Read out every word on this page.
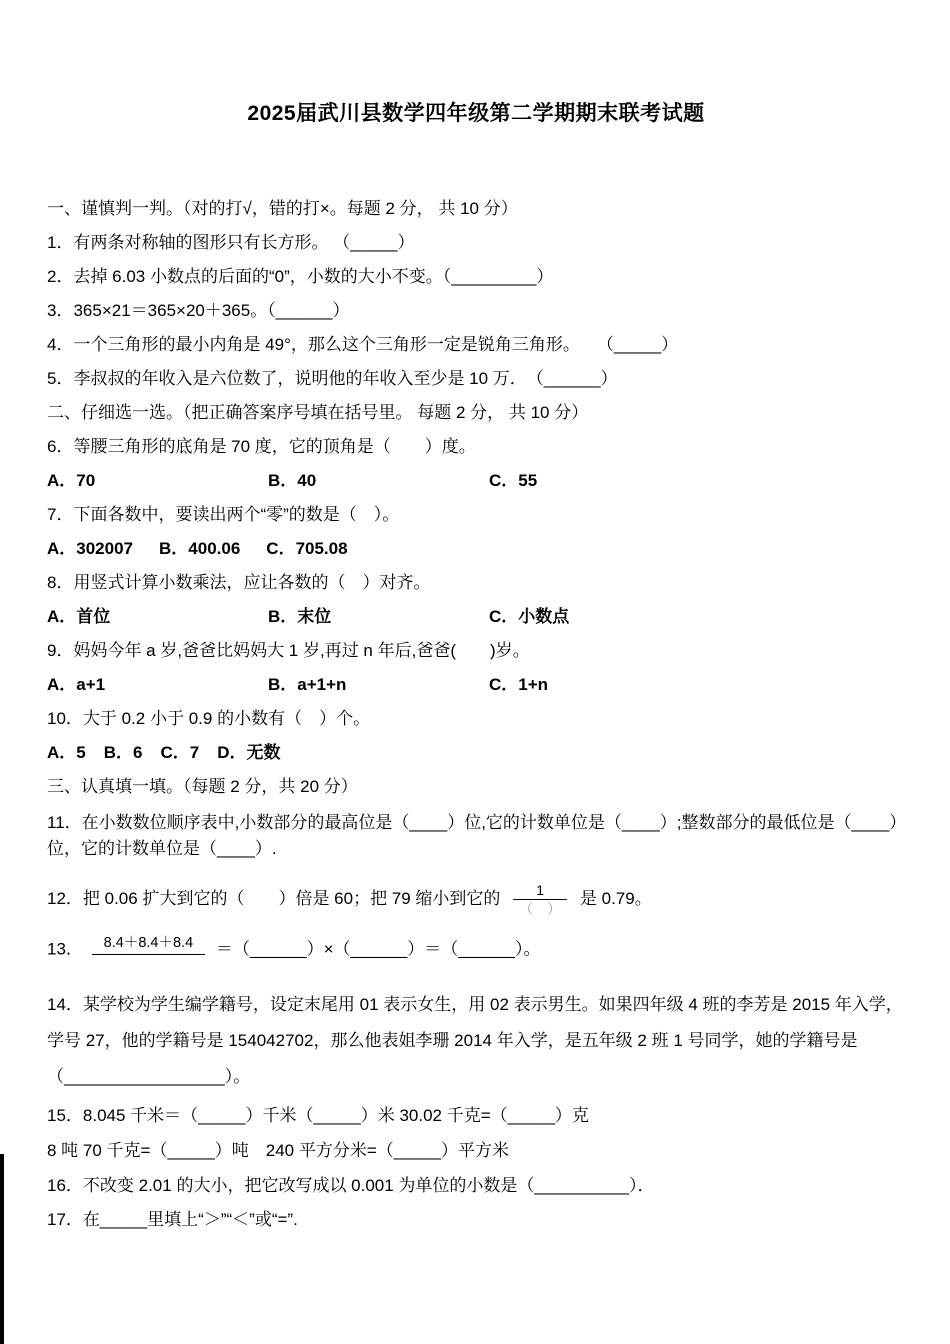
2025届武川县数学四年级第二学期期末联考试题

一、谨慎判一判。（对的打√，错的打×。每题 2 分， 共 10 分）

1．有两条对称轴的图形只有长方形。 （_____）

2．去掉 6.03 小数点的后面的“0”，小数的大小不变。（_________）

3．365×21＝365×20＋365。（______）

4．一个三角形的最小内角是 49°，那么这个三角形一定是锐角三角形。　　（_____）

5．李叔叔的年收入是六位数了，说明他的年收入至少是 10 万．　（______）

二、仔细选一选。（把正确答案序号填在括号里。 每题 2 分， 共 10 分）

6．等腰三角形的底角是 70 度，它的顶角是（　　）度。

A．70	B．40	C．55

7．下面各数中，要读出两个“零”的数是（　）。

A．302007 B．400.06 C．705.08

8．用竖式计算小数乘法，应让各数的（　）对齐。

A．首位	B．末位	C．小数点

9．妈妈今年 a 岁,爸爸比妈妈大 1 岁,再过 n 年后,爸爸(　　)岁。

A．a+1	B．a+1+n	C．1+n

10．大于 0.2 小于 0.9 的小数有（　）个。

A．5 B．6 C．7 D．无数

三、认真填一填。（每题 2 分，共 20 分）

11．在小数数位顺序表中,小数部分的最高位是（____）位,它的计数单位是（____）;整数部分的最低位是（____）位，它的计数单位是（____）.

12．把 0.06 扩大到它的（　　）倍是 60；把 79 缩小到它的 $\frac{1}{( )}$ 是 0.79。

13．	8.4＋8.4＋8.4	＝（______）×（______）＝（______）。

14．某学校为学生编学籍号，设定末尾用 01 表示女生，用 02 表示男生。如果四年级 4 班的李芳是 2015 年入学，学号 27，他的学籍号是 154042702，那么他表姐李珊 2014 年入学，是五年级 2 班 1 号同学，她的学籍号是（_________________）。

15．8.045 千米＝（_____）千米（_____）米 30.02 千克=（_____）克

8 吨 70 千克=（_____）吨　240 平方分米=（_____）平方米

16．不改变 2.01 的大小，把它改写成以 0.001 为单位的小数是（__________）．

17．在_____里填上“＞”“＜”或“=”.
